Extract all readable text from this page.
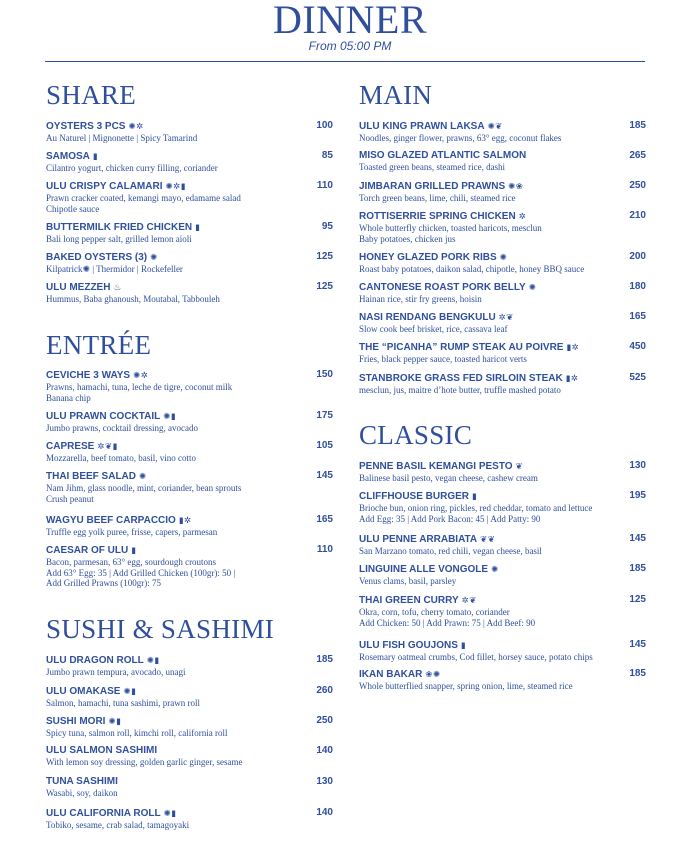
DINNER
From 05:00 PM
SHARE
OYSTERS 3 PCS ✺✲	100
Au Naturel | Mignonette | Spicy Tamarind
SAMOSA ▮	85
Cilantro yogurt, chicken curry filling, coriander
ULU CRISPY CALAMARI ✺✲▮	110
Prawn cracker coated, kemangi mayo, edamame salad
Chipotle sauce
BUTTERMILK FRIED CHICKEN ▮	95
Bali long pepper salt, grilled lemon aioli
BAKED OYSTERS (3) ✺	125
Kilpatrick✺ | Thermidor | Rockefeller
ULU MEZZEH ♨	125
Hummus, Baba ghanoush, Moutabal, Tabbouleh
ENTRÉE
CEVICHE 3 WAYS ✺✲	150
Prawns, hamachi, tuna, leche de tigre, coconut milk
Banana chip
ULU PRAWN COCKTAIL ✺▮	175
Jumbo prawns, cocktail dressing, avocado
CAPRESE ✲❦▮	105
Mozzarella, beef tomato, basil, vino cotto
THAI BEEF SALAD ✺	145
Nam Jihm, glass noodle, mint, coriander, bean sprouts
Crush peanut
WAGYU BEEF CARPACCIO ▮✲	165
Truffle egg yolk puree, frisse, capers, parmesan
CAESAR OF ULU ▮	110
Bacon, parmesan, 63° egg, sourdough croutons
Add 63° Egg: 35 | Add Grilled Chicken (100gr): 50 |
Add Grilled Prawns (100gr): 75
SUSHI & SASHIMI
ULU DRAGON ROLL ✺▮	185
Jumbo prawn tempura, avocado, unagi
ULU OMAKASE ✺▮	260
Salmon, hamachi, tuna sashimi, prawn roll
SUSHI MORI ✺▮	250
Spicy tuna, salmon roll, kimchi roll, california roll
ULU SALMON SASHIMI	140
With lemon soy dressing, golden garlic ginger, sesame
TUNA SASHIMI	130
Wasabi, soy, daikon
ULU CALIFORNIA ROLL ✺▮	140
Tobiko, sesame, crab salad, tamagoyaki
MAIN
ULU KING PRAWN LAKSA ✺❦	185
Noodles, ginger flower, prawns, 63° egg, coconut flakes
MISO GLAZED ATLANTIC SALMON	265
Toasted green beans, steamed rice, dashi
JIMBARAN GRILLED PRAWNS ✺❀	250
Torch green beans, lime, chili, steamed rice
ROTTISERRIE SPRING CHICKEN ✲	210
Whole butterfly chicken, toasted haricots, mesclun
Baby potatoes, chicken jus
HONEY GLAZED PORK RIBS ✺	200
Roast baby potatoes, daikon salad, chipotle, honey BBQ sauce
CANTONESE ROAST PORK BELLY ✺	180
Hainan rice, stir fry greens, hoisin
NASI RENDANG BENGKULU ✲❦	165
Slow cook beef brisket, rice, cassava leaf
THE “PICANHA” RUMP STEAK AU POIVRE ▮✲	450
Fries, black pepper sauce, toasted haricot verts
STANBROKE GRASS FED SIRLOIN STEAK ▮✲	525
mesclun, jus, maitre d’hote butter, truffle mashed potato
CLASSIC
PENNE BASIL KEMANGI PESTO ❦	130
Balinese basil pesto, vegan cheese, cashew cream
CLIFFHOUSE BURGER ▮	195
Brioche bun, onion ring, pickles, red cheddar, tomato and lettuce
Add Egg: 35 | Add Pork Bacon: 45 | Add Patty: 90
ULU PENNE ARRABIATA ❦❦	145
San Marzano tomato, red chili, vegan cheese, basil
LINGUINE ALLE VONGOLE ✺	185
Venus clams, basil, parsley
THAI GREEN CURRY ✲❦	125
Okra, corn, tofu, cherry tomato, coriander
Add Chicken: 50 | Add Prawn: 75 | Add Beef: 90
ULU FISH GOUJONS ▮	145
Rosemary oatmeal crumbs, Cod fillet, horsey sauce, potato chips
IKAN BAKAR ❀✺	185
Whole butterflied snapper, spring onion, lime, steamed rice
